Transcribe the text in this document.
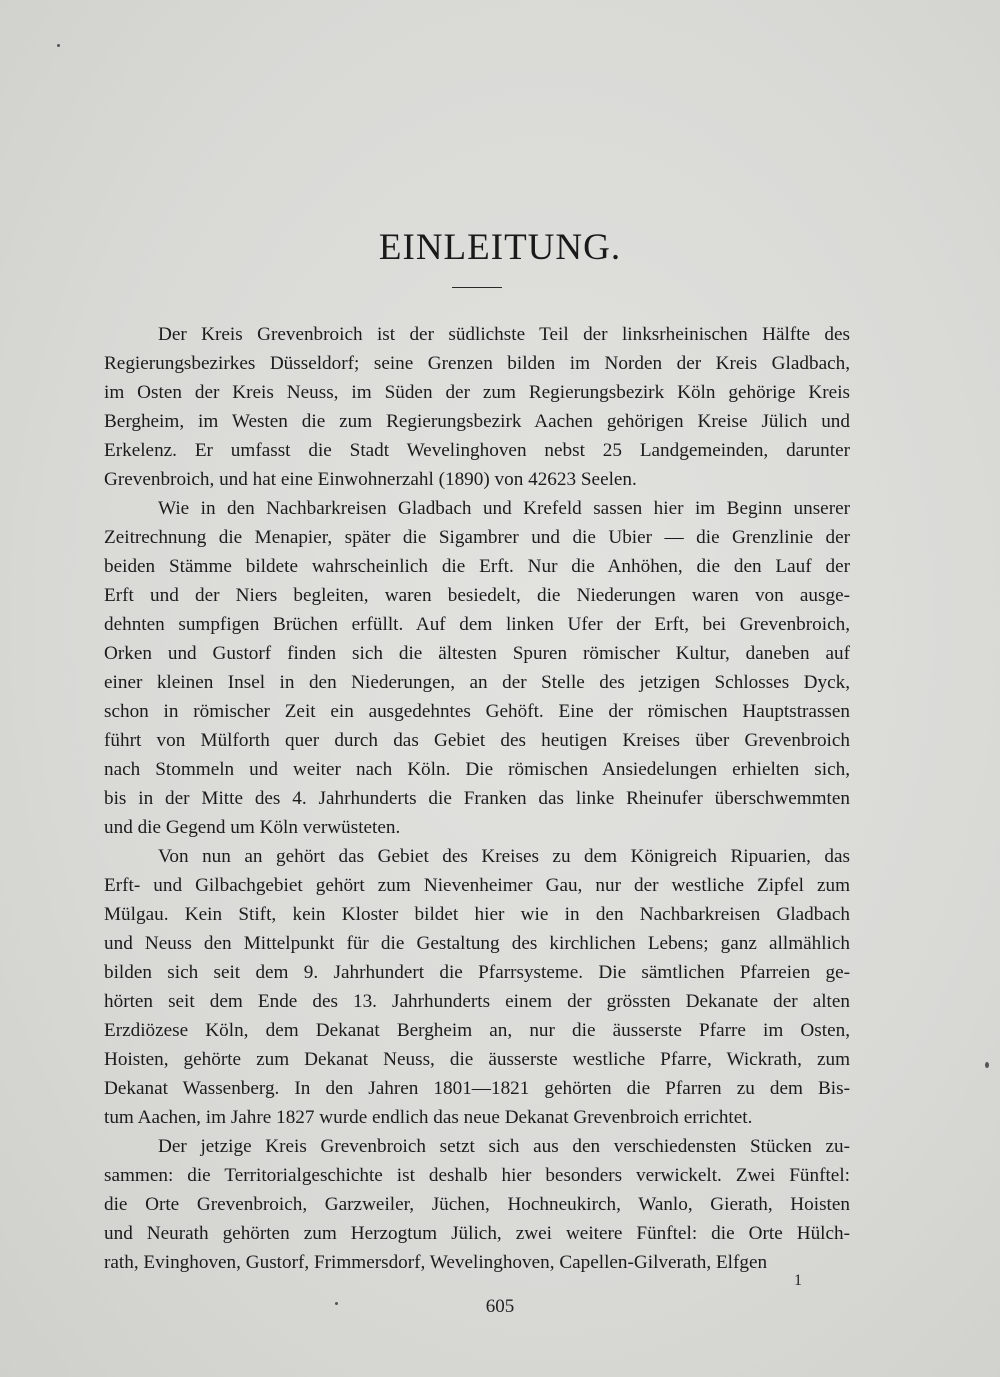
EINLEITUNG.
Der Kreis Grevenbroich ist der südlichste Teil der linksrheinischen Hälfte des
Regierungsbezirkes Düsseldorf; seine Grenzen bilden im Norden der Kreis Gladbach,
im Osten der Kreis Neuss, im Süden der zum Regierungsbezirk Köln gehörige Kreis
Bergheim, im Westen die zum Regierungsbezirk Aachen gehörigen Kreise Jülich und
Erkelenz. Er umfasst die Stadt Wevelinghoven nebst 25 Landgemeinden, darunter
Grevenbroich, und hat eine Einwohnerzahl (1890) von 42623 Seelen.
Wie in den Nachbarkreisen Gladbach und Krefeld sassen hier im Beginn unserer
Zeitrechnung die Menapier, später die Sigambrer und die Ubier — die Grenzlinie der
beiden Stämme bildete wahrscheinlich die Erft. Nur die Anhöhen, die den Lauf der
Erft und der Niers begleiten, waren besiedelt, die Niederungen waren von ausge-
dehnten sumpfigen Brüchen erfüllt. Auf dem linken Ufer der Erft, bei Grevenbroich,
Orken und Gustorf finden sich die ältesten Spuren römischer Kultur, daneben auf
einer kleinen Insel in den Niederungen, an der Stelle des jetzigen Schlosses Dyck,
schon in römischer Zeit ein ausgedehntes Gehöft. Eine der römischen Hauptstrassen
führt von Mülforth quer durch das Gebiet des heutigen Kreises über Grevenbroich
nach Stommeln und weiter nach Köln. Die römischen Ansiedelungen erhielten sich,
bis in der Mitte des 4. Jahrhunderts die Franken das linke Rheinufer überschwemmten
und die Gegend um Köln verwüsteten.
Von nun an gehört das Gebiet des Kreises zu dem Königreich Ripuarien, das
Erft- und Gilbachgebiet gehört zum Nievenheimer Gau, nur der westliche Zipfel zum
Mülgau. Kein Stift, kein Kloster bildet hier wie in den Nachbarkreisen Gladbach
und Neuss den Mittelpunkt für die Gestaltung des kirchlichen Lebens; ganz allmählich
bilden sich seit dem 9. Jahrhundert die Pfarrsysteme. Die sämtlichen Pfarreien ge-
hörten seit dem Ende des 13. Jahrhunderts einem der grössten Dekanate der alten
Erzdiözese Köln, dem Dekanat Bergheim an, nur die äusserste Pfarre im Osten,
Hoisten, gehörte zum Dekanat Neuss, die äusserste westliche Pfarre, Wickrath, zum
Dekanat Wassenberg. In den Jahren 1801—1821 gehörten die Pfarren zu dem Bis-
tum Aachen, im Jahre 1827 wurde endlich das neue Dekanat Grevenbroich errichtet.
Der jetzige Kreis Grevenbroich setzt sich aus den verschiedensten Stücken zu-
sammen: die Territorialgeschichte ist deshalb hier besonders verwickelt. Zwei Fünftel:
die Orte Grevenbroich, Garzweiler, Jüchen, Hochneukirch, Wanlo, Gierath, Hoisten
und Neurath gehörten zum Herzogtum Jülich, zwei weitere Fünftel: die Orte Hülch-
rath, Evinghoven, Gustorf, Frimmersdorf, Wevelinghoven, Capellen-Gilverath, Elfgen
1
605
